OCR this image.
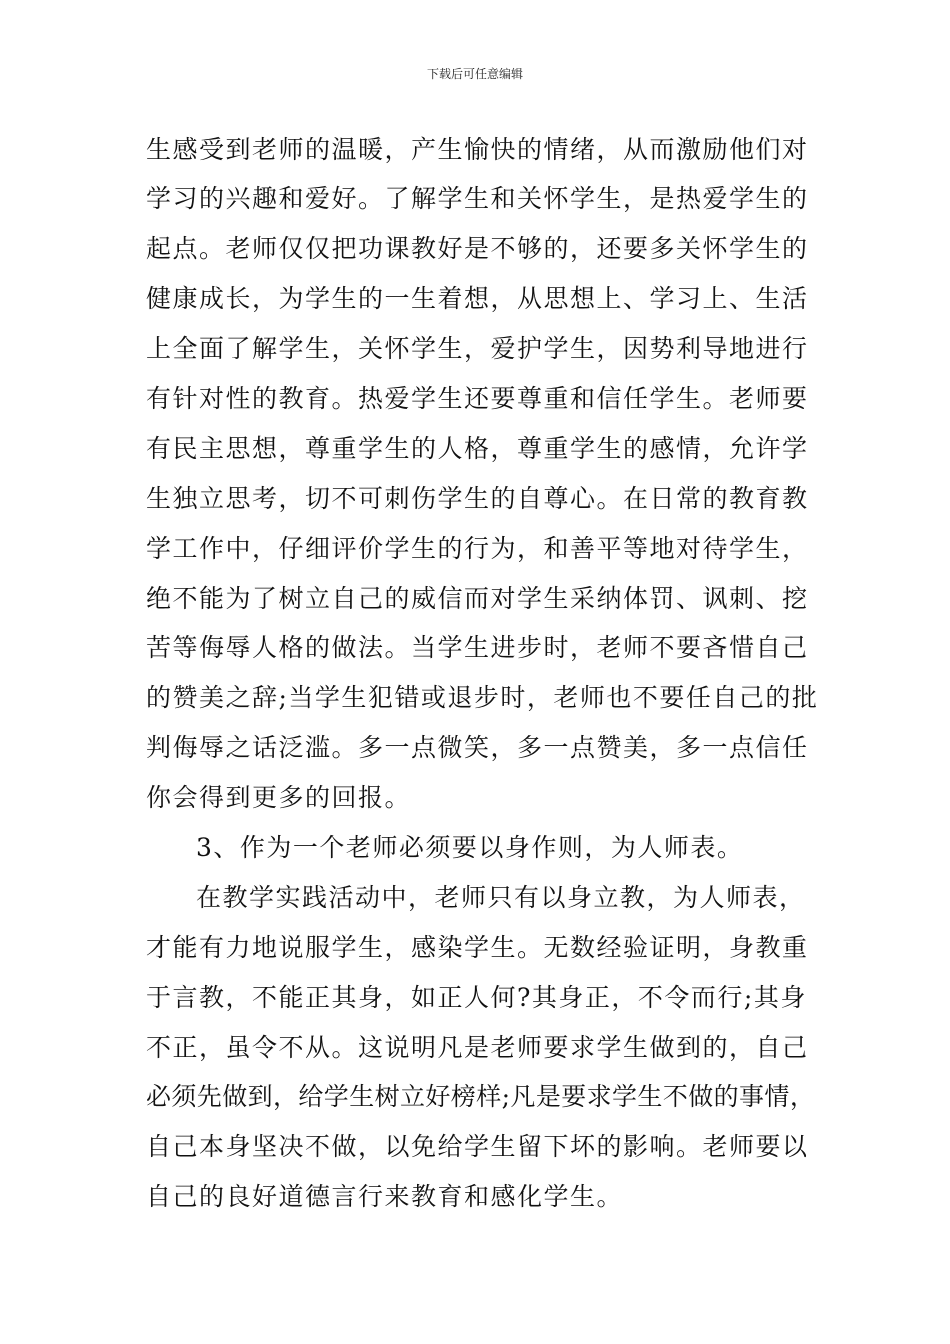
下载后可任意编辑
生感受到老师的温暖，产生愉快的情绪，从而激励他们对
学习的兴趣和爱好。了解学生和关怀学生，是热爱学生的
起点。老师仅仅把功课教好是不够的，还要多关怀学生的
健康成长，为学生的一生着想，从思想上、学习上、生活
上全面了解学生，关怀学生，爱护学生，因势利导地进行
有针对性的教育。热爱学生还要尊重和信任学生。老师要
有民主思想，尊重学生的人格，尊重学生的感情，允许学
生独立思考，切不可刺伤学生的自尊心。在日常的教育教
学工作中，仔细评价学生的行为，和善平等地对待学生，
绝不能为了树立自己的威信而对学生采纳体罚、讽刺、挖
苦等侮辱人格的做法。当学生进步时，老师不要吝惜自己
的赞美之辞;当学生犯错或退步时，老师也不要任自己的批
判侮辱之话泛滥。多一点微笑，多一点赞美，多一点信任
你会得到更多的回报。
3、作为一个老师必须要以身作则，为人师表。
在教学实践活动中，老师只有以身立教，为人师表，
才能有力地说服学生，感染学生。无数经验证明，身教重
于言教，不能正其身，如正人何?其身正，不令而行;其身
不正，虽令不从。这说明凡是老师要求学生做到的，自己
必须先做到，给学生树立好榜样;凡是要求学生不做的事情，
自己本身坚决不做，以免给学生留下坏的影响。老师要以
自己的良好道德言行来教育和感化学生。
